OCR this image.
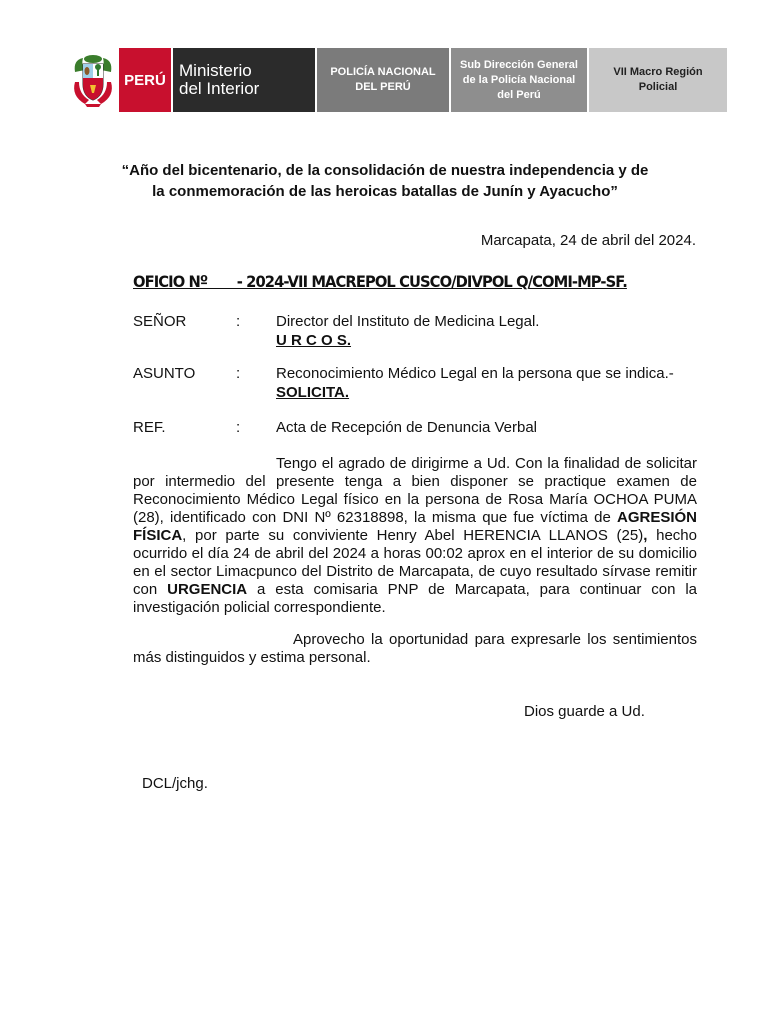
PERÚ Ministerio
del Interior
POLICÍA NACIONAL DEL PERÚ
Sub Dirección General de la Policía Nacional del Perú
VII Macro Región Policial
“Año del bicentenario, de la consolidación de nuestra independencia y de la conmemoración de las heroicas batallas de Junín y Ayacucho”
Marcapata, 24 de abril del 2024.
OFICIO Nº       - 2024-VII MACREPOL CUSCO/DIVPOL Q/COMI-MP-SF.
SEÑOR	: Director del Instituto de Medicina Legal.
U R C O S.
ASUNTO	: Reconocimiento Médico Legal en la persona que se indica.-
SOLICITA.
REF.	: Acta de Recepción de Denuncia Verbal
Tengo el agrado de dirigirme a Ud. Con la finalidad de solicitar por intermedio del presente tenga a bien disponer se practique examen de Reconocimiento Médico Legal físico en la persona de Rosa María OCHOA PUMA (28), identificado con DNI Nº 62318898, la misma que fue víctima de AGRESIÓN FÍSICA, por parte su conviviente Henry Abel HERENCIA LLANOS (25), hecho ocurrido el día 24 de abril del 2024 a horas 00:02 aprox en el interior de su domicilio en el sector Limacpunco del Distrito de Marcapata, de cuyo resultado sírvase remitir con URGENCIA a esta comisaria PNP de Marcapata, para continuar con la investigación policial correspondiente.
Aprovecho la oportunidad para expresarle los sentimientos más distinguidos y estima personal.
Dios guarde a Ud.
DCL/jchg.
